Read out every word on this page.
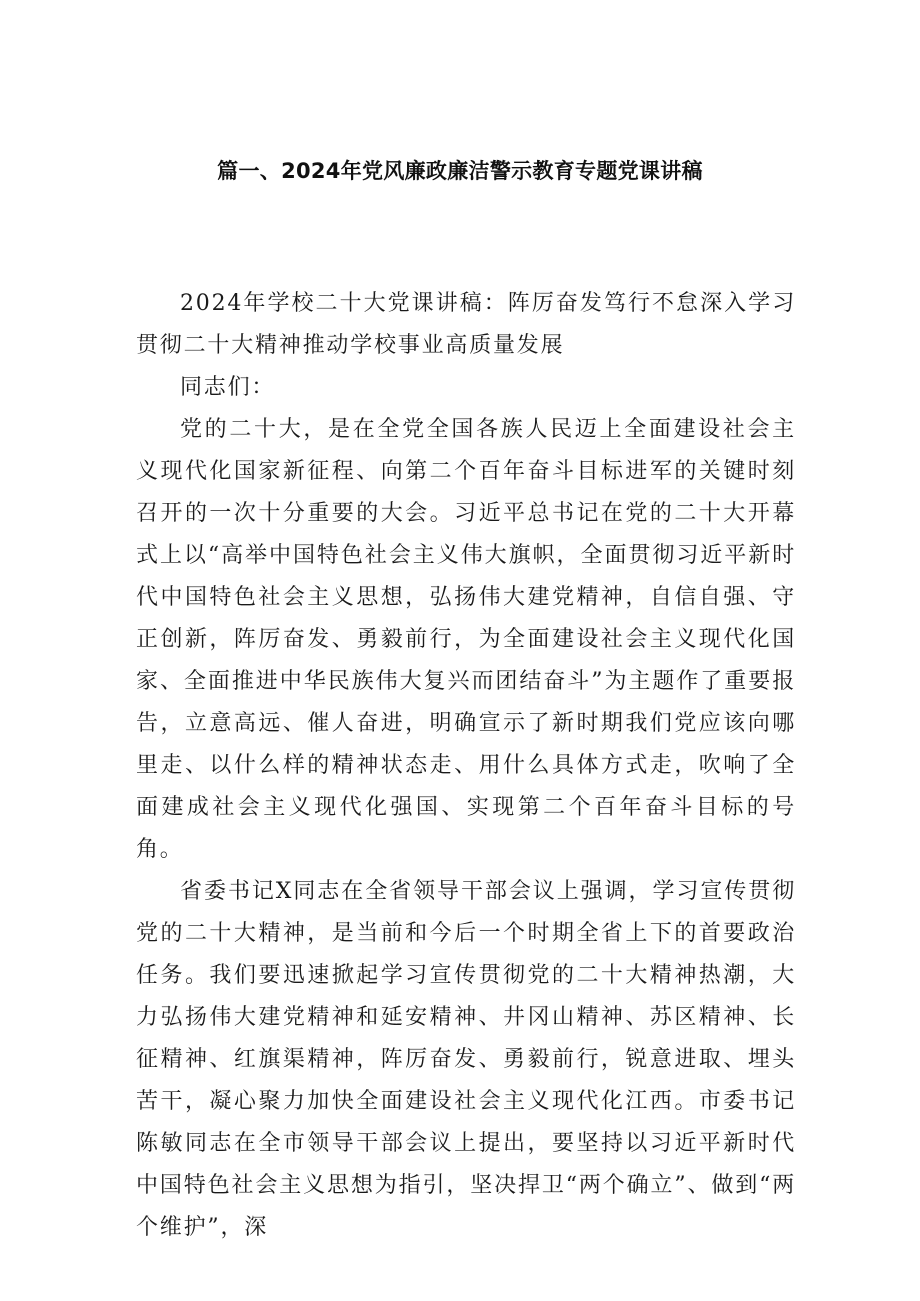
篇一、2024年党风廉政廉洁警示教育专题党课讲稿

2024年学校二十大党课讲稿：阵厉奋发笃行不怠深入学习贯彻二十大精神推动学校事业高质量发展

同志们：

党的二十大，是在全党全国各族人民迈上全面建设社会主义现代化国家新征程、向第二个百年奋斗目标进军的关键时刻召开的一次十分重要的大会。习近平总书记在党的二十大开幕式上以“高举中国特色社会主义伟大旗帜，全面贯彻习近平新时代中国特色社会主义思想，弘扬伟大建党精神，自信自强、守正创新，阵厉奋发、勇毅前行，为全面建设社会主义现代化国家、全面推进中华民族伟大复兴而团结奋斗”为主题作了重要报告，立意高远、催人奋进，明确宣示了新时期我们党应该向哪里走、以什么样的精神状态走、用什么具体方式走，吹响了全面建成社会主义现代化强国、实现第二个百年奋斗目标的号角。

省委书记X同志在全省领导干部会议上强调，学习宣传贯彻党的二十大精神，是当前和今后一个时期全省上下的首要政治任务。我们要迅速掀起学习宣传贯彻党的二十大精神热潮，大力弘扬伟大建党精神和延安精神、井冈山精神、苏区精神、长征精神、红旗渠精神，阵厉奋发、勇毅前行，锐意进取、埋头苦干，凝心聚力加快全面建设社会主义现代化江西。市委书记陈敏同志在全市领导干部会议上提出，要坚持以习近平新时代中国特色社会主义思想为指引，坚决捍卫“两个确立”、做到“两个维护”，深
